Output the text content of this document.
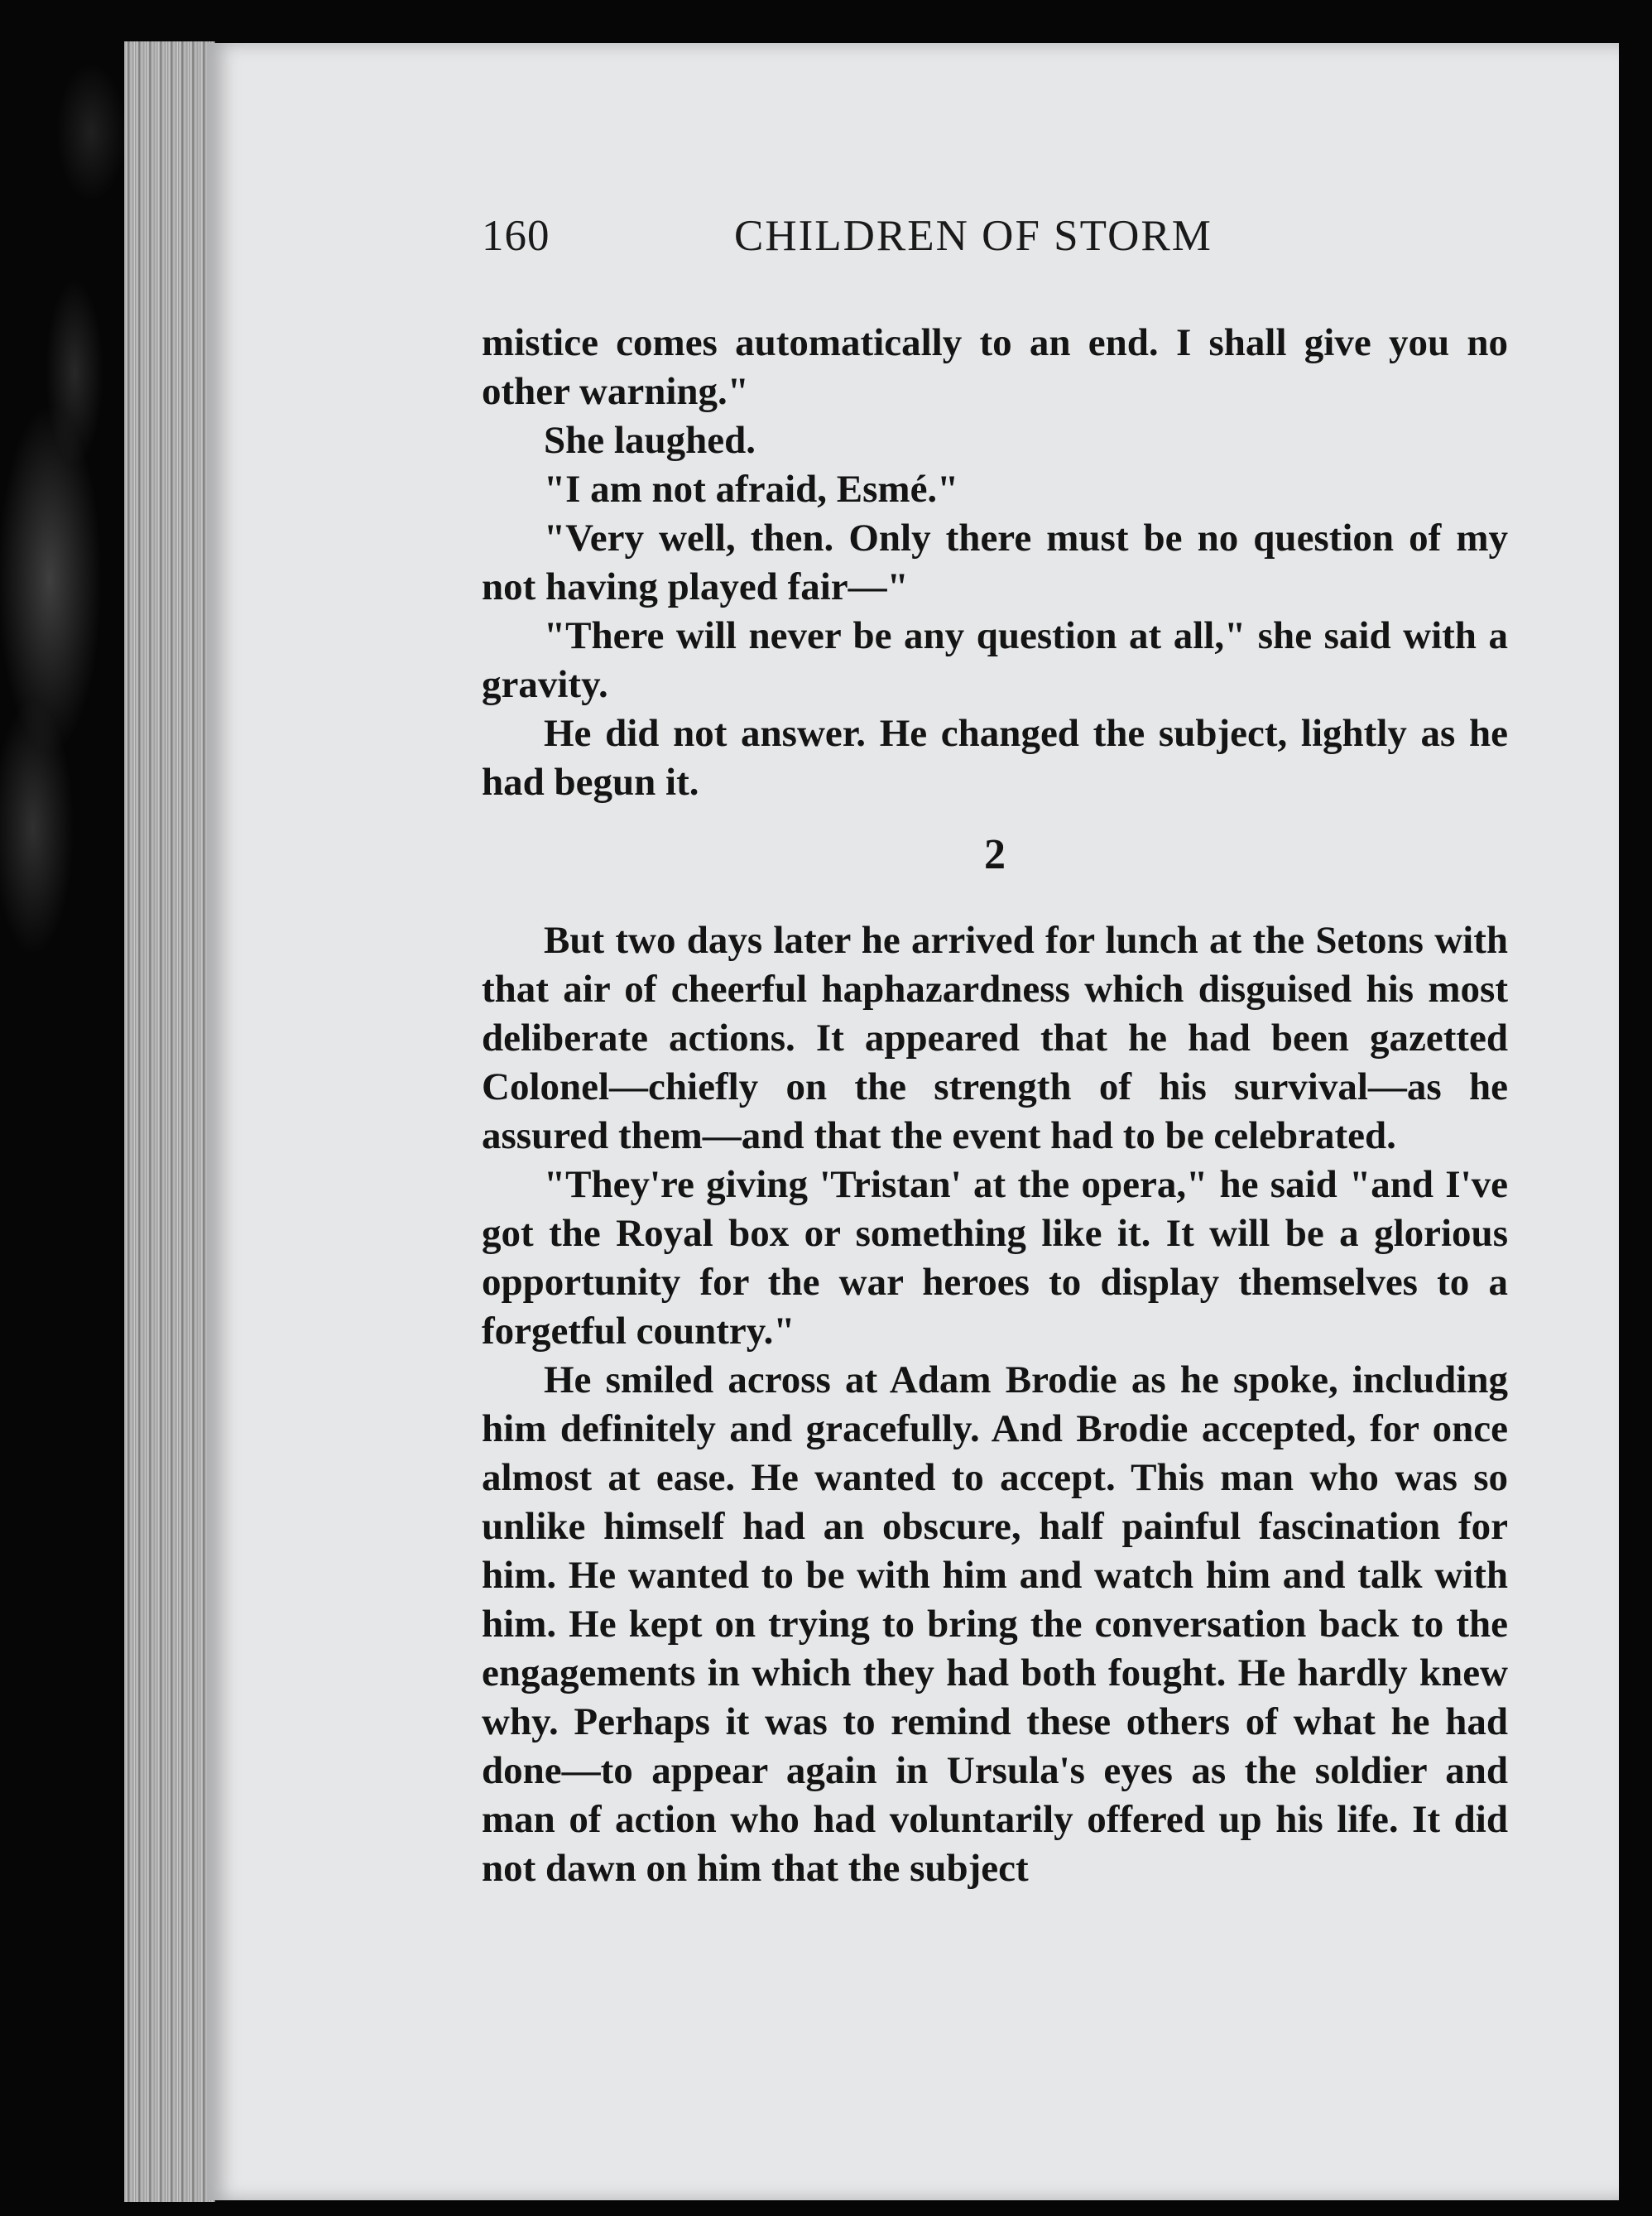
160	CHILDREN OF STORM

mistice comes automatically to an end. I shall give you no other warning."

She laughed.

"I am not afraid, Esmé."

"Very well, then. Only there must be no question of my not having played fair—"

"There will never be any question at all," she said with a gravity.

He did not answer. He changed the subject, lightly as he had begun it.

2

But two days later he arrived for lunch at the Setons with that air of cheerful haphazardness which disguised his most deliberate actions. It appeared that he had been gazetted Colonel—chiefly on the strength of his survival—as he assured them—and that the event had to be celebrated.

"They're giving 'Tristan' at the opera," he said "and I've got the Royal box or something like it. It will be a glorious opportunity for the war heroes to display themselves to a forgetful country."

He smiled across at Adam Brodie as he spoke, including him definitely and gracefully. And Brodie accepted, for once almost at ease. He wanted to accept. This man who was so unlike himself had an obscure, half painful fascination for him. He wanted to be with him and watch him and talk with him. He kept on trying to bring the conversation back to the engagements in which they had both fought. He hardly knew why. Perhaps it was to remind these others of what he had done—to appear again in Ursula's eyes as the soldier and man of action who had voluntarily offered up his life. It did not dawn on him that the subject
